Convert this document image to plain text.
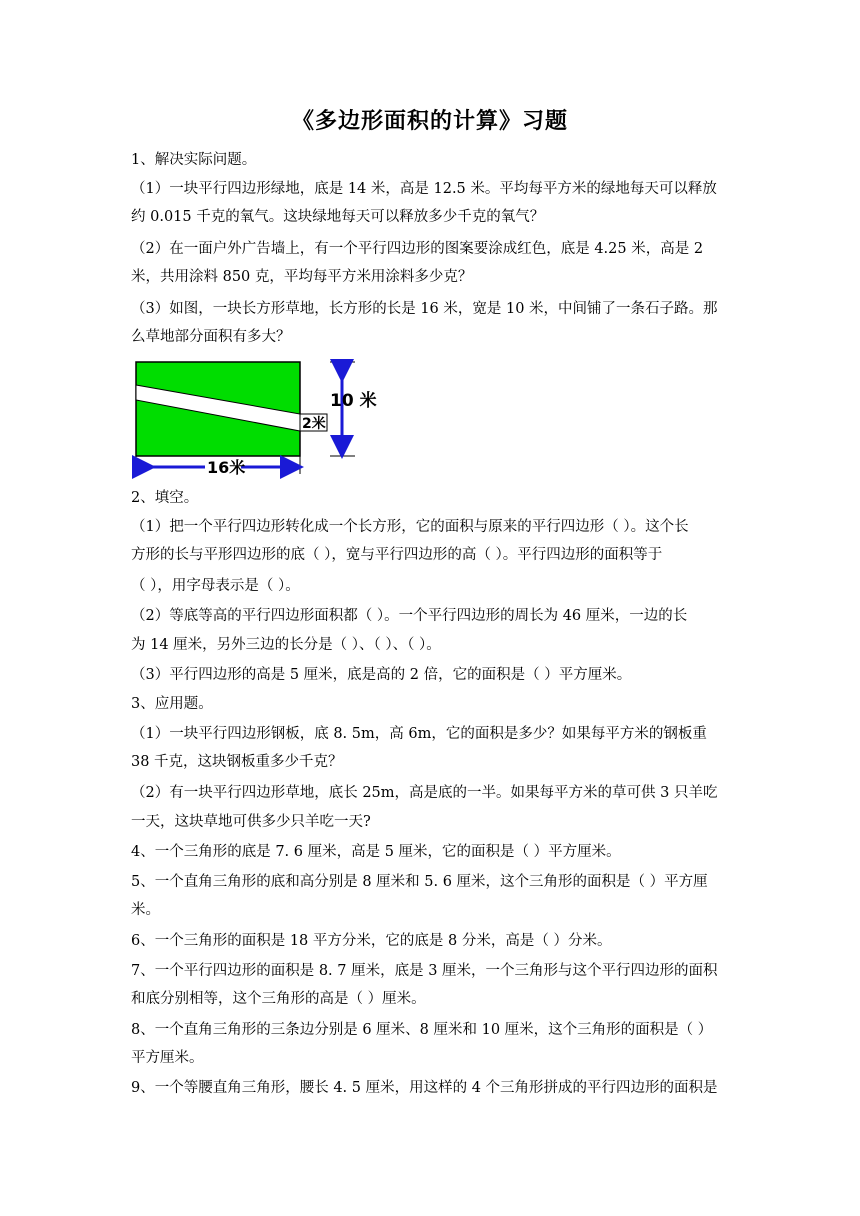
《多边形面积的计算》习题
1、解决实际问题。
（1）一块平行四边形绿地，底是 14 米，高是 12.5 米。平均每平方米的绿地每天可以释放
约 0.015 千克的氧气。这块绿地每天可以释放多少千克的氧气？
（2）在一面户外广告墙上，有一个平行四边形的图案要涂成红色，底是 4.25 米，高是 2
米，共用涂料 850 克，平均每平方米用涂料多少克？
（3）如图，一块长方形草地，长方形的长是 16 米，宽是 10 米，中间铺了一条石子路。那
么草地部分面积有多大？
10 米
2米
16米
2、填空。
（1）把一个平行四边形转化成一个长方形，它的面积与原来的平行四边形（ ）。这个长
方形的长与平形四边形的底（ ），宽与平行四边形的高（ ）。平行四边形的面积等于
（ ），用字母表示是（ ）。
（2）等底等高的平行四边形面积都（ ）。一个平行四边形的周长为 46 厘米，一边的长
为 14 厘米，另外三边的长分是（ ）、（ ）、（ ）。
（3）平行四边形的高是 5 厘米，底是高的 2 倍，它的面积是（ ）平方厘米。
3、应用题。
（1）一块平行四边形钢板，底 8. 5m，高 6m，它的面积是多少？如果每平方米的钢板重
38 千克，这块钢板重多少千克？
（2）有一块平行四边形草地，底长 25m，高是底的一半。如果每平方米的草可供 3 只羊吃
一天，这块草地可供多少只羊吃一天?
4、一个三角形的底是 7. 6 厘米，高是 5 厘米，它的面积是（ ）平方厘米。
5、一个直角三角形的底和高分别是 8 厘米和 5. 6 厘米，这个三角形的面积是（ ）平方厘
米。
6、一个三角形的面积是 18 平方分米，它的底是 8 分米，高是（ ）分米。
7、一个平行四边形的面积是 8. 7 厘米，底是 3 厘米，一个三角形与这个平行四边形的面积
和底分别相等，这个三角形的高是（ ）厘米。
8、一个直角三角形的三条边分别是 6 厘米、8 厘米和 10 厘米，这个三角形的面积是（ ）
平方厘米。
9、一个等腰直角三角形，腰长 4. 5 厘米，用这样的 4 个三角形拼成的平行四边形的面积是
